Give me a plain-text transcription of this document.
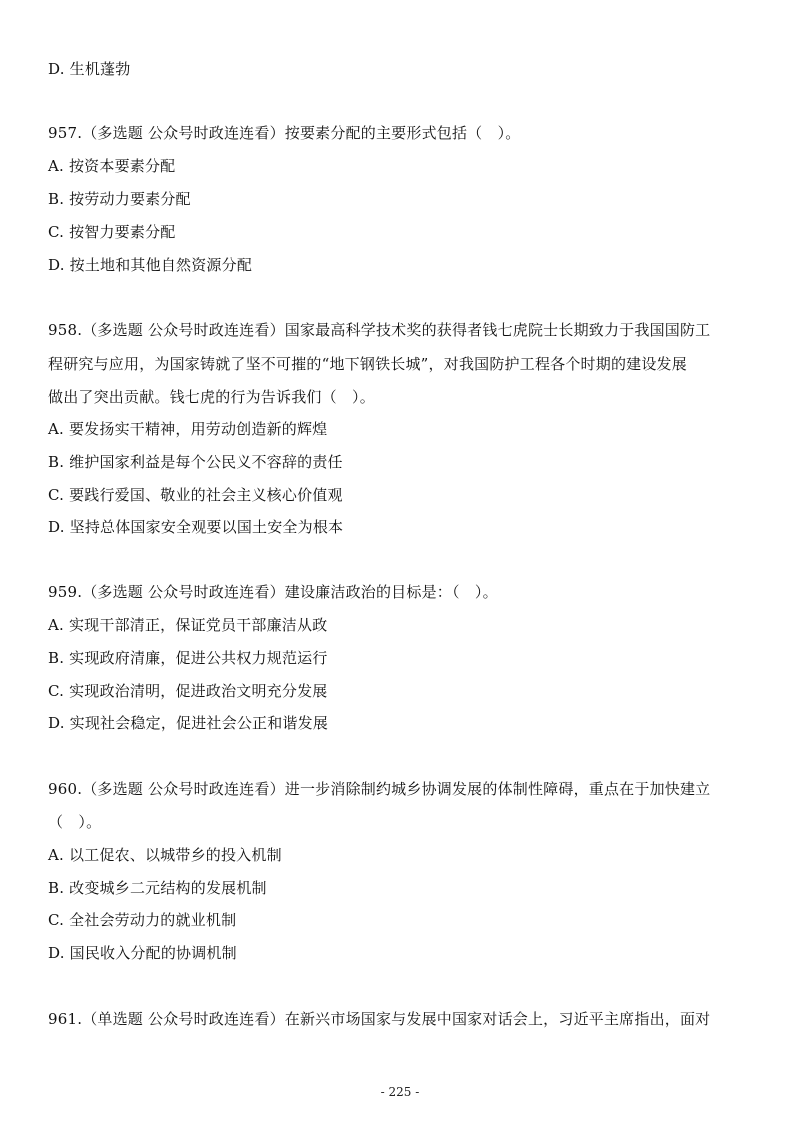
D. 生机蓬勃
957.（多选题 公众号时政连连看）按要素分配的主要形式包括（　）。
A. 按资本要素分配
B. 按劳动力要素分配
C. 按智力要素分配
D. 按土地和其他自然资源分配
958.（多选题 公众号时政连连看）国家最高科学技术奖的获得者钱七虎院士长期致力于我国国防工
程研究与应用，为国家铸就了坚不可摧的“地下钢铁长城”，对我国防护工程各个时期的建设发展
做出了突出贡献。钱七虎的行为告诉我们（　）。
A. 要发扬实干精神，用劳动创造新的辉煌
B. 维护国家利益是每个公民义不容辞的责任
C. 要践行爱国、敬业的社会主义核心价值观
D. 坚持总体国家安全观要以国土安全为根本
959.（多选题 公众号时政连连看）建设廉洁政治的目标是：（　）。
A. 实现干部清正，保证党员干部廉洁从政
B. 实现政府清廉，促进公共权力规范运行
C. 实现政治清明，促进政治文明充分发展
D. 实现社会稳定，促进社会公正和谐发展
960.（多选题 公众号时政连连看）进一步消除制约城乡协调发展的体制性障碍，重点在于加快建立
（　）。
A. 以工促农、以城带乡的投入机制
B. 改变城乡二元结构的发展机制
C. 全社会劳动力的就业机制
D. 国民收入分配的协调机制
961.（单选题 公众号时政连连看）在新兴市场国家与发展中国家对话会上，习近平主席指出，面对
- 225 -
